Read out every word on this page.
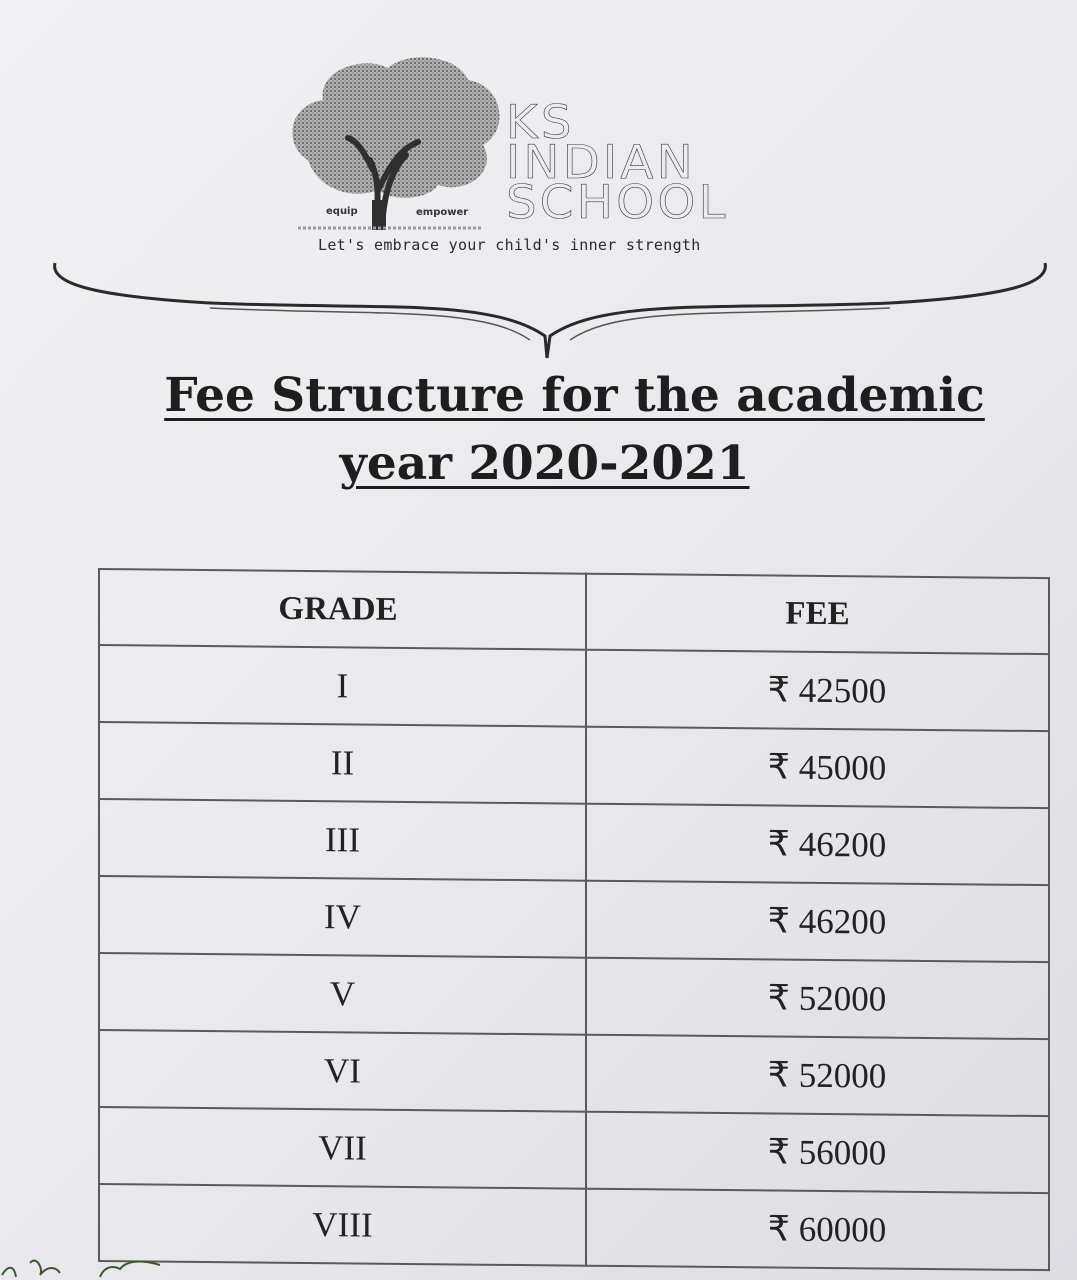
equip	empower
KS
INDIAN
SCHOOL
Let's embrace your child's inner strength
Fee Structure for the academic
year 2020-2021
GRADE	FEE
I	₹ 42500
II	₹ 45000
III	₹ 46200
IV	₹ 46200
V	₹ 52000
VI	₹ 52000
VII	₹ 56000
VIII	₹ 60000
